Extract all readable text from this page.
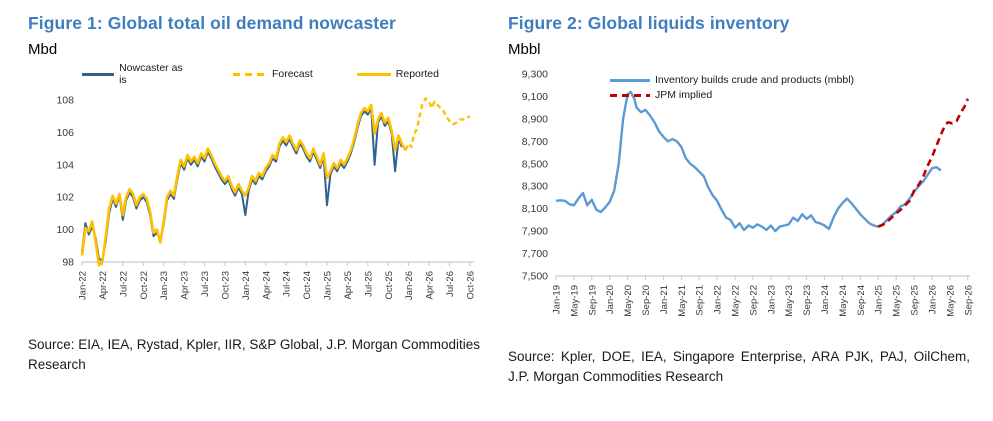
Figure 1: Global total oil demand nowcaster
Mbd
Nowcaster as is	Forecast	Reported
98
100
102
104
106
108
Jan-22 Apr-22 Jul-22 Oct-22 Jan-23 Apr-23 Jul-23 Oct-23 Jan-24 Apr-24 Jul-24 Oct-24 Jan-25 Apr-25 Jul-25 Oct-25 Jan-26 Apr-26 Jul-26 Oct-26
Source: EIA, IEA, Rystad, Kpler, IIR, S&P Global, J.P. Morgan Commodities Research
Figure 2: Global liquids inventory
Mbbl
7,500
7,700
7,900
8,100
8,300
8,500
8,700
8,900
9,100
9,300
Jan-19 May-19 Sep-19 Jan-20 May-20 Sep-20 Jan-21 May-21 Sep-21 Jan-22 May-22 Sep-22 Jan-23 May-23 Sep-23 Jan-24 May-24 Sep-24 Jan-25 May-25 Sep-25 Jan-26 May-26 Sep-26
Inventory builds crude and products (mbbl)
JPM implied
Source: Kpler, DOE, IEA, Singapore Enterprise, ARA PJK, PAJ, OilChem, J.P. Morgan Commodities Research
